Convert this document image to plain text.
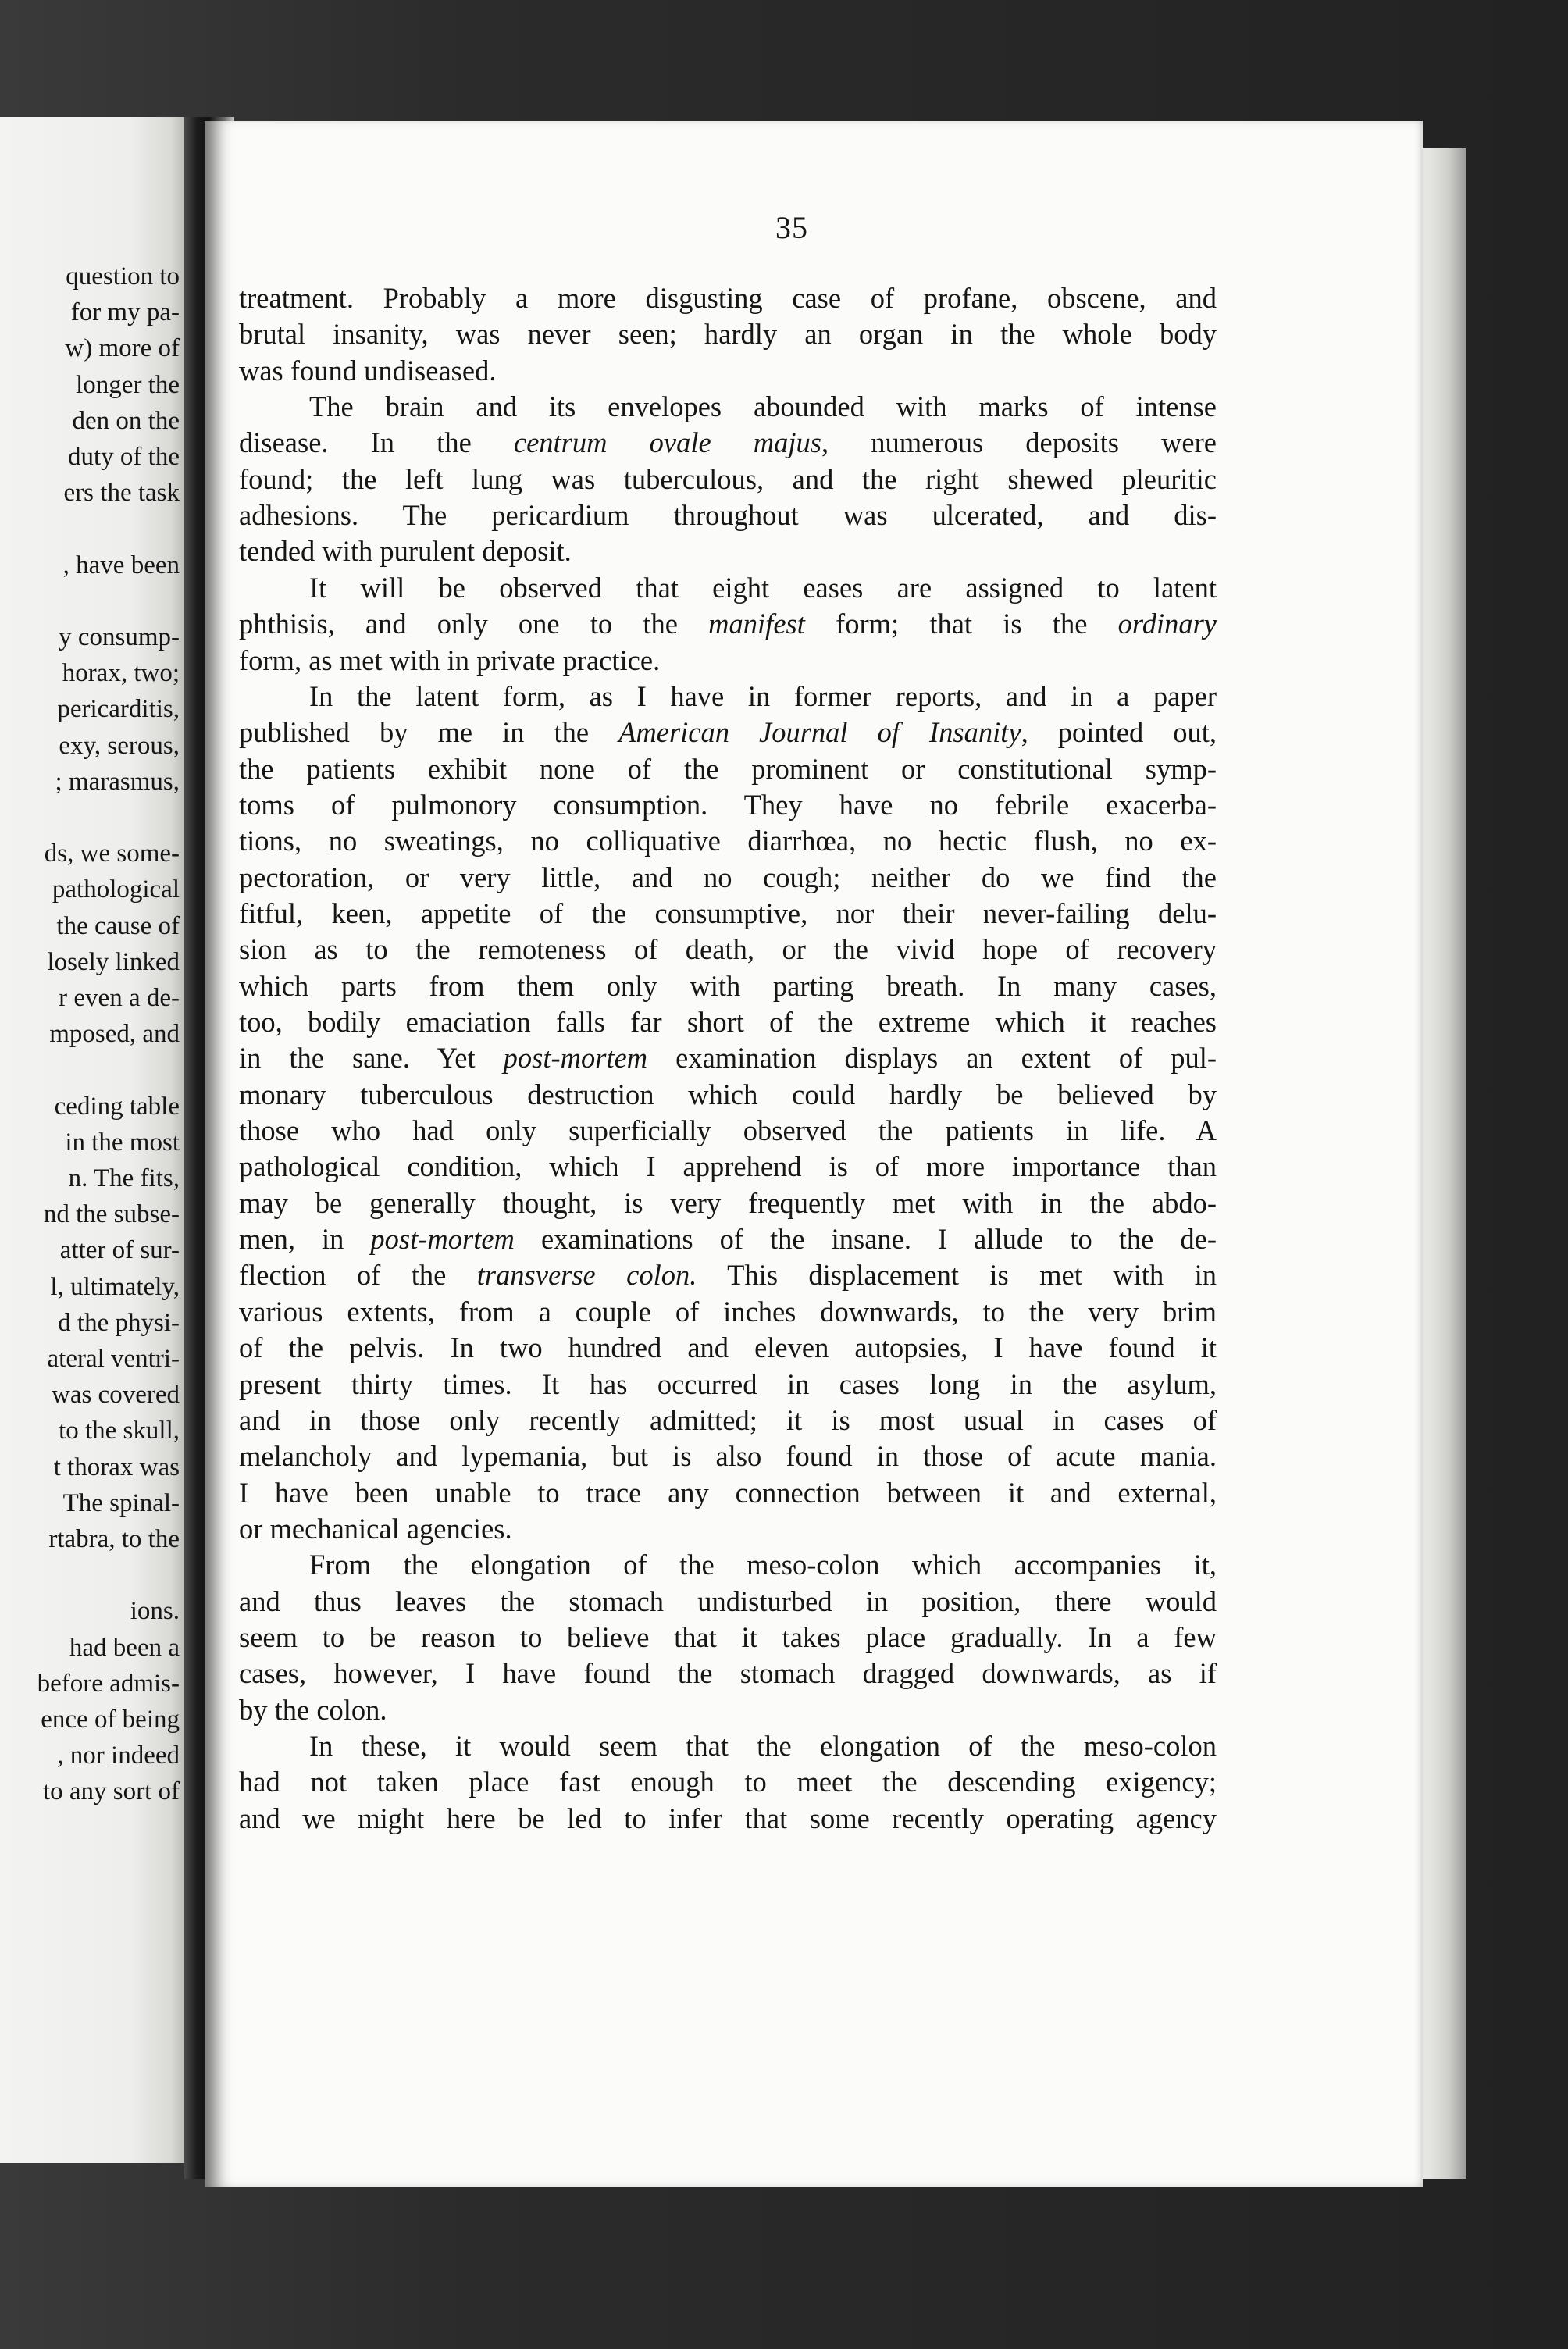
question to
for my pa-
w) more of
longer the
den on the
duty of the
ers the task
, have been
y consump-
horax, two;
pericarditis,
exy, serous,
; marasmus,
ds, we some-
pathological
the cause of
losely linked
r even a de-
mposed, and
ceding table
in the most
n. The fits,
nd the subse-
atter of sur-
l, ultimately,
d the physi-
ateral ventri-
was covered
to the skull,
t thorax was
The spinal-
rtabra, to the
ions.
had been a
before admis-
ence of being
, nor indeed
to any sort of
35
treatment. Probably a more disgusting case of profane, obscene, and
brutal insanity, was never seen; hardly an organ in the whole body
was found undiseased.
The brain and its envelopes abounded with marks of intense
disease. In the centrum ovale majus, numerous deposits were
found; the left lung was tuberculous, and the right shewed pleuritic
adhesions. The pericardium throughout was ulcerated, and dis-
tended with purulent deposit.
It will be observed that eight eases are assigned to latent
phthisis, and only one to the manifest form; that is the ordinary
form, as met with in private practice.
In the latent form, as I have in former reports, and in a paper
published by me in the American Journal of Insanity, pointed out,
the patients exhibit none of the prominent or constitutional symp-
toms of pulmonory consumption. They have no febrile exacerba-
tions, no sweatings, no colliquative diarrhœa, no hectic flush, no ex-
pectoration, or very little, and no cough; neither do we find the
fitful, keen, appetite of the consumptive, nor their never-failing delu-
sion as to the remoteness of death, or the vivid hope of recovery
which parts from them only with parting breath. In many cases,
too, bodily emaciation falls far short of the extreme which it reaches
in the sane. Yet post-mortem examination displays an extent of pul-
monary tuberculous destruction which could hardly be believed by
those who had only superficially observed the patients in life. A
pathological condition, which I apprehend is of more importance than
may be generally thought, is very frequently met with in the abdo-
men, in post-mortem examinations of the insane. I allude to the de-
flection of the transverse colon. This displacement is met with in
various extents, from a couple of inches downwards, to the very brim
of the pelvis. In two hundred and eleven autopsies, I have found it
present thirty times. It has occurred in cases long in the asylum,
and in those only recently admitted; it is most usual in cases of
melancholy and lypemania, but is also found in those of acute mania.
I have been unable to trace any connection between it and external,
or mechanical agencies.
From the elongation of the meso-colon which accompanies it,
and thus leaves the stomach undisturbed in position, there would
seem to be reason to believe that it takes place gradually. In a few
cases, however, I have found the stomach dragged downwards, as if
by the colon.
In these, it would seem that the elongation of the meso-colon
had not taken place fast enough to meet the descending exigency;
and we might here be led to infer that some recently operating agency
